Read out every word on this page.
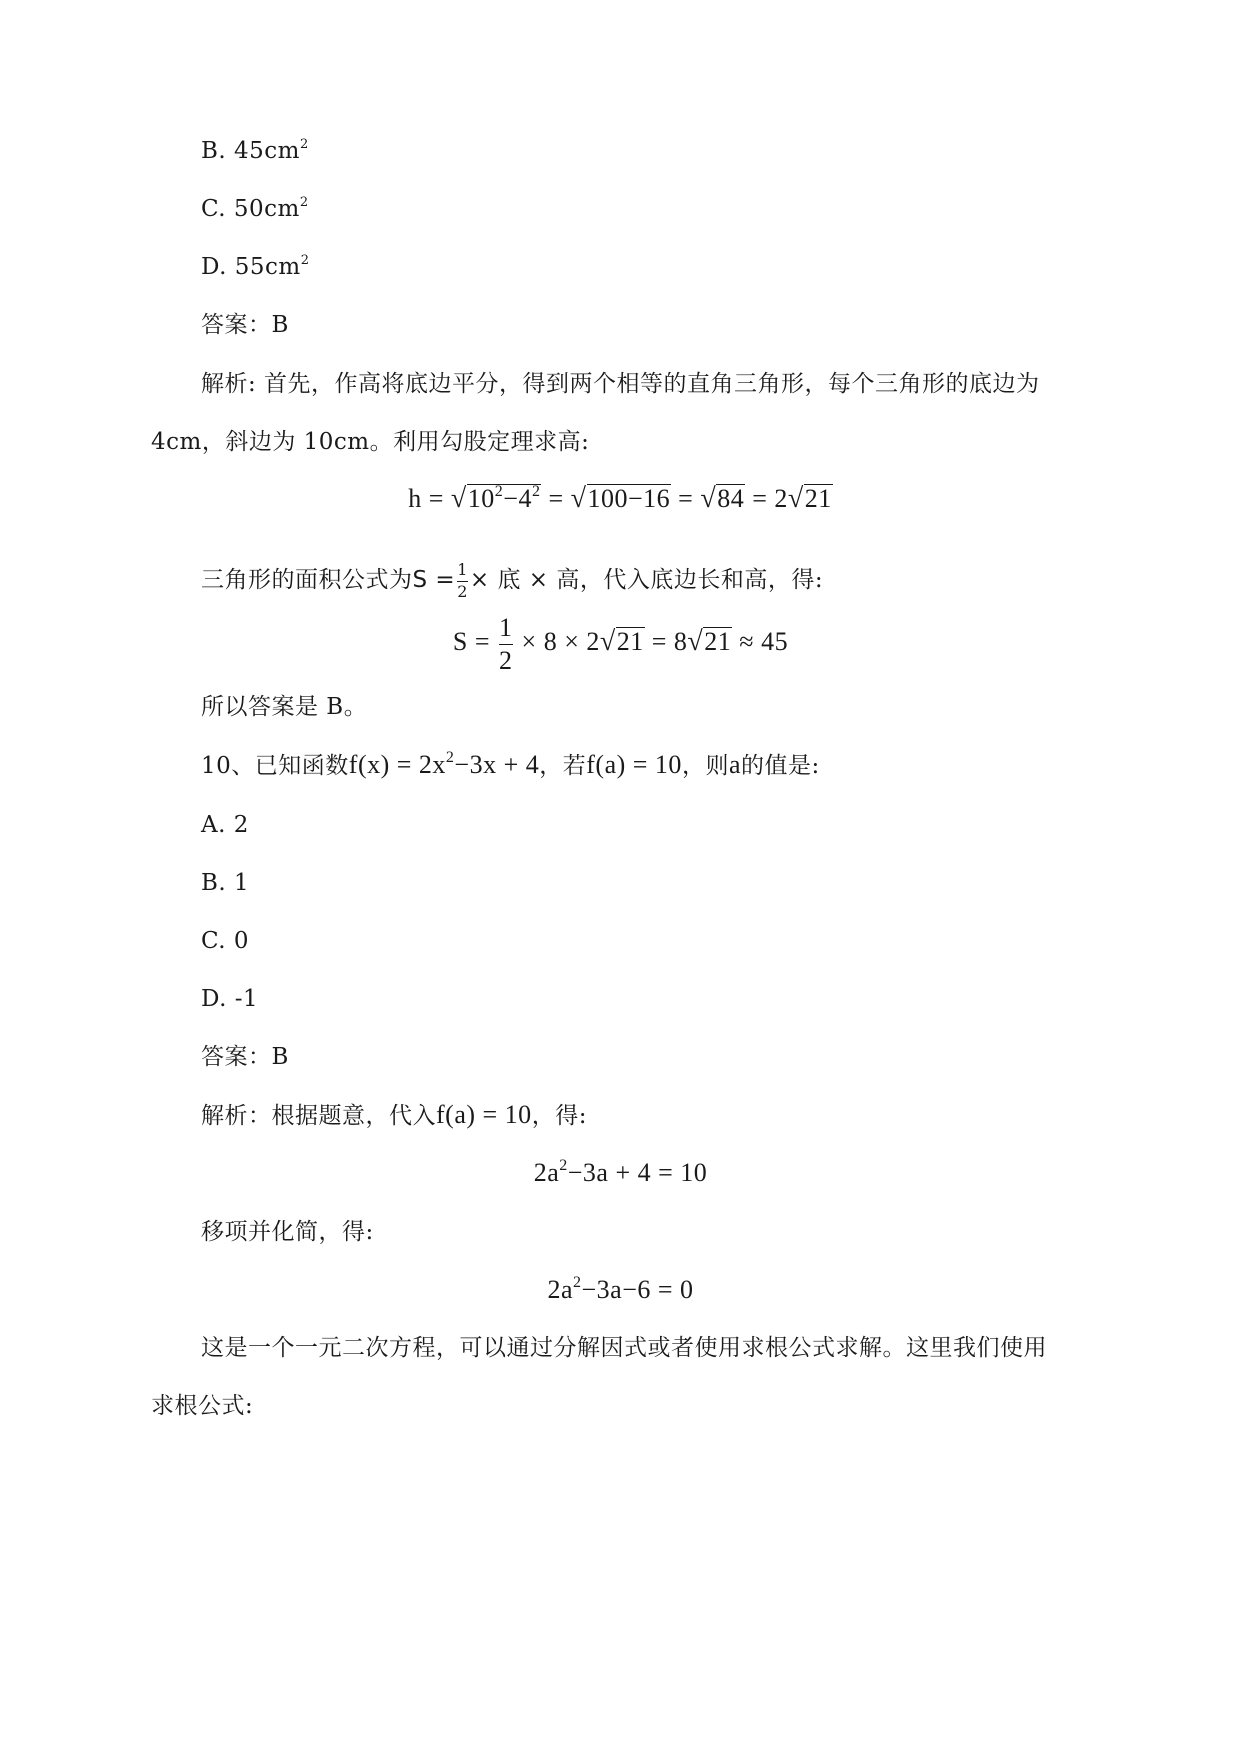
B. $45cm^2$
C. $50cm^2$
D. $55cm^2$
答案：B
解析: 首先，作高将底边平分，得到两个相等的直角三角形，每个三角形的底边为
4cm，斜边为 10cm。利用勾股定理求高:
$h = √10^2-4^2 = √100-16 = √84 = 2√21$
三角形的面积公式为$S = \frac{1}{2}$ × 底 × 高，代入底边长和高，得:
$S = \frac{1}{2} \times 8 \times 2√21 = 8√21 \approx 45$
所以答案是 B。
10、已知函数$f(x) = 2x^2-3x + 4$，若f(a) = 10，则a的值是:
A. 2
B. 1
C. 0
D. -1
答案：B
解析：根据题意，代入f(a) = 10，得:
$2a^2-3a + 4 = 10$
移项并化简，得:
$2a^2-3a-6 = 0$
这是一个一元二次方程，可以通过分解因式或者使用求根公式求解。这里我们使用
求根公式:
